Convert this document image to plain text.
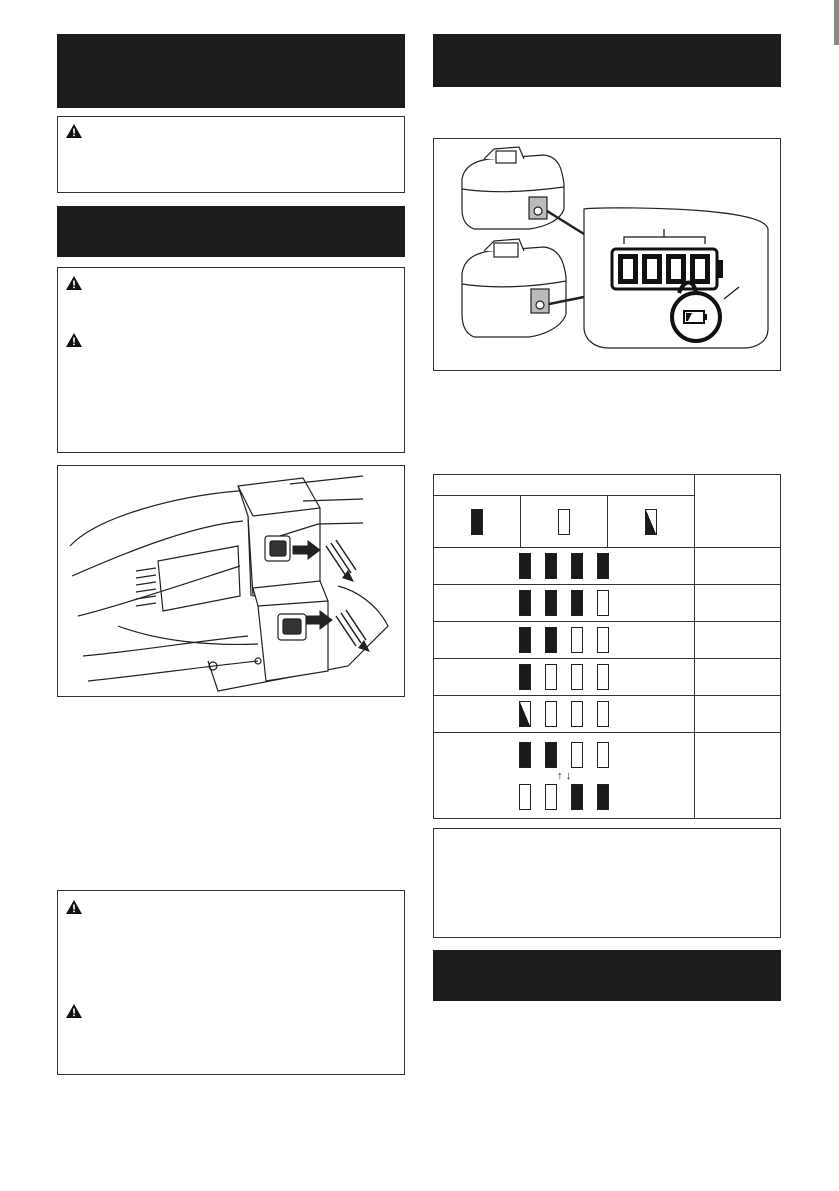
↑ ↓			
